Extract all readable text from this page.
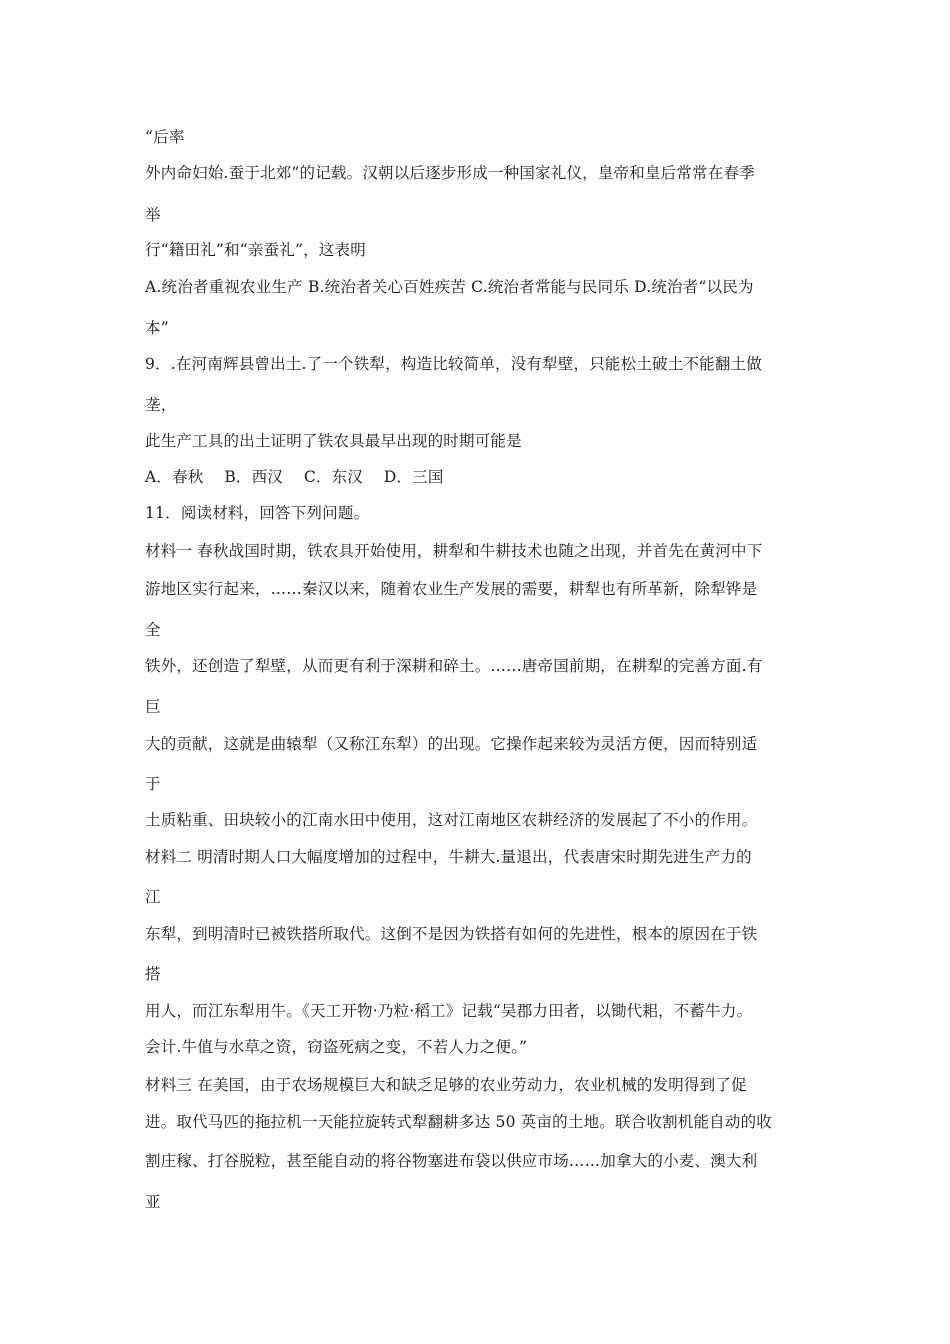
“后率
外内命妇始.蚕于北郊”的记载。汉朝以后逐步形成一种国家礼仪，皇帝和皇后常常在春季
举
行“籍田礼”和“亲蚕礼”，这表明
A.统治者重视农业生产 B.统治者关心百姓疾苦 C.统治者常能与民同乐 D.统治者“以民为
本”
9．.在河南辉县曾出土.了一个铁犁，构造比较简单，没有犁壁，只能松土破土不能翻土做
垄，
此生产工具的出土证明了铁农具最早出现的时期可能是
A．春秋　 B．西汉　 C．东汉　 D．三国
11．阅读材料，回答下列问题。
材料一 春秋战国时期，铁农具开始使用，耕犁和牛耕技术也随之出现，并首先在黄河中下
游地区实行起来，……秦汉以来，随着农业生产发展的需要，耕犁也有所革新，除犁铧是
全
铁外，还创造了犁壁，从而更有利于深耕和碎土。……唐帝国前期，在耕犁的完善方面.有
巨
大的贡献，这就是曲辕犁（又称江东犁）的出现。它操作起来较为灵活方便，因而特别适
于
土质粘重、田块较小的江南水田中使用，这对江南地区农耕经济的发展起了不小的作用。
材料二 明清时期人口大幅度增加的过程中，牛耕大.量退出，代表唐宋时期先进生产力的
江
东犁，到明清时已被铁搭所取代。这倒不是因为铁搭有如何的先进性，根本的原因在于铁
搭
用人，而江东犁用牛。《天工开物·乃粒·稻工》记载“吴郡力田者，以锄代耜，不蓄牛力。
会计.牛值与水草之资，窃盗死病之变，不若人力之便。”
材料三 在美国，由于农场规模巨大和缺乏足够的农业劳动力，农业机械的发明得到了促
进。取代马匹的拖拉机一天能拉旋转式犁翻耕多达 50 英亩的土地。联合收割机能自动的收
割庄稼、打谷脱粒，甚至能自动的将谷物塞进布袋以供应市场……加拿大的小麦、澳大利
亚
